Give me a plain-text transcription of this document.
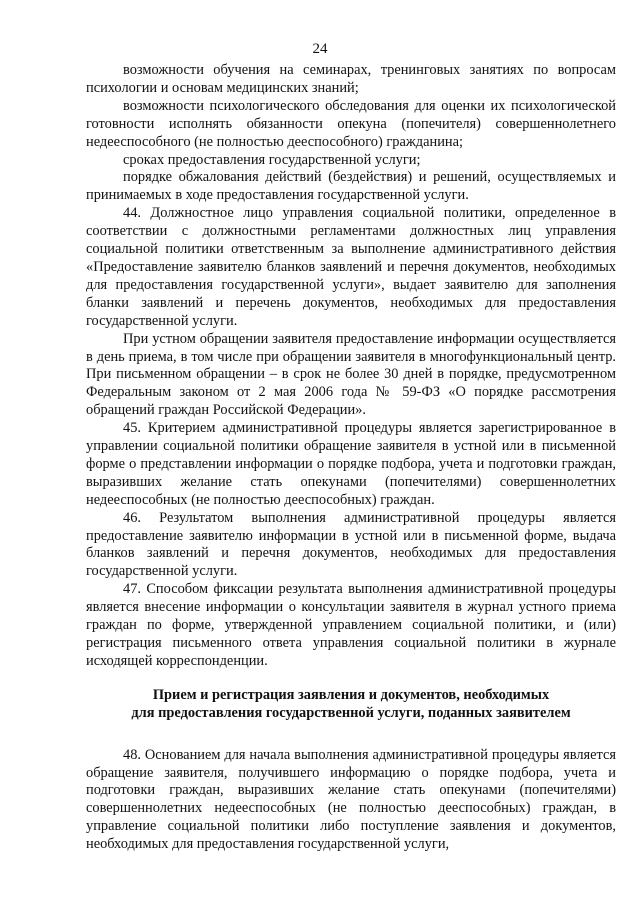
24

возможности обучения на семинарах, тренинговых занятиях по вопросам психологии и основам медицинских знаний;

возможности психологического обследования для оценки их психологической готовности исполнять обязанности опекуна (попечителя) совершеннолетнего недееспособного (не полностью дееспособного) гражданина;

сроках предоставления государственной услуги;

порядке обжалования действий (бездействия) и решений, осуществляемых и принимаемых в ходе предоставления государственной услуги.

44. Должностное лицо управления социальной политики, определенное в соответствии с должностными регламентами должностных лиц управления социальной политики ответственным за выполнение административного действия «Предоставление заявителю бланков заявлений и перечня документов, необходимых для предоставления государственной услуги», выдает заявителю для заполнения бланки заявлений и перечень документов, необходимых для предоставления государственной услуги.

При устном обращении заявителя предоставление информации осуществляется в день приема, в том числе при обращении заявителя в многофункциональный центр. При письменном обращении – в срок не более 30 дней в порядке, предусмотренном Федеральным законом от 2 мая 2006 года № 59-ФЗ «О порядке рассмотрения обращений граждан Российской Федерации».

45. Критерием административной процедуры является зарегистрированное в управлении социальной политики обращение заявителя в устной или в письменной форме о представлении информации о порядке подбора, учета и подготовки граждан, выразивших желание стать опекунами (попечителями) совершеннолетних недееспособных (не полностью дееспособных) граждан.

46. Результатом выполнения административной процедуры является предоставление заявителю информации в устной или в письменной форме, выдача бланков заявлений и перечня документов, необходимых для предоставления государственной услуги.

47. Способом фиксации результата выполнения административной процедуры является внесение информации о консультации заявителя в журнал устного приема граждан по форме, утвержденной управлением социальной политики, и (или) регистрация письменного ответа управления социальной политики в журнале исходящей корреспонденции.

Прием и регистрация заявления и документов, необходимых
для предоставления государственной услуги, поданных заявителем

48. Основанием для начала выполнения административной процедуры является обращение заявителя, получившего информацию о порядке подбора, учета и подготовки граждан, выразивших желание стать опекунами (попечителями) совершеннолетних недееспособных (не полностью дееспособных) граждан, в управление социальной политики либо поступление заявления и документов, необходимых для предоставления государственной услуги,
